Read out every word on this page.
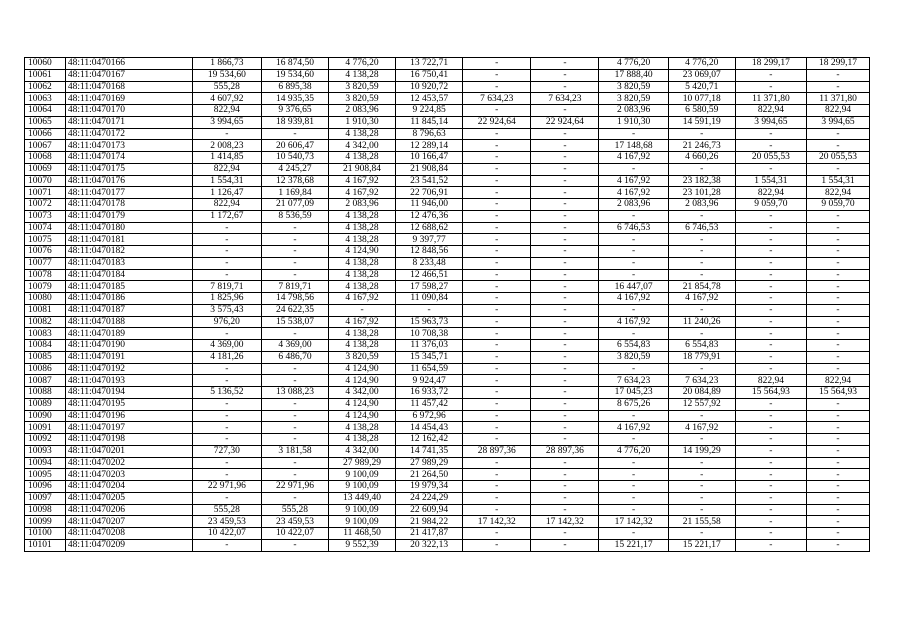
10060	48:11:0470166	1 866,73	16 874,50	4 776,20	13 722,71	-	-	4 776,20	4 776,20	18 299,17	18 299,17
10061	48:11:0470167	19 534,60	19 534,60	4 138,28	16 750,41	-	-	17 888,40	23 069,07	-	-
10062	48:11:0470168	555,28	6 895,38	3 820,59	10 920,72	-	-	3 820,59	5 420,71	-	-
10063	48:11:0470169	4 607,92	14 935,35	3 820,59	12 453,57	7 634,23	7 634,23	3 820,59	10 077,18	11 371,80	11 371,80
10064	48:11:0470170	822,94	9 376,65	2 083,96	9 224,85	-	-	2 083,96	6 580,59	822,94	822,94
10065	48:11:0470171	3 994,65	18 939,81	1 910,30	11 845,14	22 924,64	22 924,64	1 910,30	14 591,19	3 994,65	3 994,65
10066	48:11:0470172	-	-	4 138,28	8 796,63	-	-	-	-	-	-
10067	48:11:0470173	2 008,23	20 606,47	4 342,00	12 289,14	-	-	17 148,68	21 246,73	-	-
10068	48:11:0470174	1 414,85	10 540,73	4 138,28	10 166,47	-	-	4 167,92	4 660,26	20 055,53	20 055,53
10069	48:11:0470175	822,94	4 245,27	21 908,84	21 908,84	-	-	-	-	-	-
10070	48:11:0470176	1 554,31	12 378,68	4 167,92	23 541,52	-	-	4 167,92	23 182,38	1 554,31	1 554,31
10071	48:11:0470177	1 126,47	1 169,84	4 167,92	22 706,91	-	-	4 167,92	23 101,28	822,94	822,94
10072	48:11:0470178	822,94	21 077,09	2 083,96	11 946,00	-	-	2 083,96	2 083,96	9 059,70	9 059,70
10073	48:11:0470179	1 172,67	8 536,59	4 138,28	12 476,36	-	-	-	-	-	-
10074	48:11:0470180	-	-	4 138,28	12 688,62	-	-	6 746,53	6 746,53	-	-
10075	48:11:0470181	-	-	4 138,28	9 397,77	-	-	-	-	-	-
10076	48:11:0470182	-	-	4 124,90	12 848,56	-	-	-	-	-	-
10077	48:11:0470183	-	-	4 138,28	8 233,48	-	-	-	-	-	-
10078	48:11:0470184	-	-	4 138,28	12 466,51	-	-	-	-	-	-
10079	48:11:0470185	7 819,71	7 819,71	4 138,28	17 598,27	-	-	16 447,07	21 854,78	-	-
10080	48:11:0470186	1 825,96	14 798,56	4 167,92	11 090,84	-	-	4 167,92	4 167,92	-	-
10081	48:11:0470187	3 575,43	24 622,35	-	-	-	-	-	-	-	-
10082	48:11:0470188	976,20	15 538,07	4 167,92	15 963,73	-	-	4 167,92	11 240,26	-	-
10083	48:11:0470189	-	-	4 138,28	10 708,38	-	-	-	-	-	-
10084	48:11:0470190	4 369,00	4 369,00	4 138,28	11 376,03	-	-	6 554,83	6 554,83	-	-
10085	48:11:0470191	4 181,26	6 486,70	3 820,59	15 345,71	-	-	3 820,59	18 779,91	-	-
10086	48:11:0470192	-	-	4 124,90	11 654,59	-	-	-	-	-	-
10087	48:11:0470193	-	-	4 124,90	9 924,47	-	-	7 634,23	7 634,23	822,94	822,94
10088	48:11:0470194	5 136,52	13 088,23	4 342,00	16 933,72	-	-	17 045,23	20 084,89	15 564,93	15 564,93
10089	48:11:0470195	-	-	4 124,90	11 457,42	-	-	8 675,26	12 557,92	-	-
10090	48:11:0470196	-	-	4 124,90	6 972,96	-	-	-	-	-	-
10091	48:11:0470197	-	-	4 138,28	14 454,43	-	-	4 167,92	4 167,92	-	-
10092	48:11:0470198	-	-	4 138,28	12 162,42	-	-	-	-	-	-
10093	48:11:0470201	727,30	3 181,58	4 342,00	14 741,35	28 897,36	28 897,36	4 776,20	14 199,29	-	-
10094	48:11:0470202	-	-	27 989,29	27 989,29	-	-	-	-	-	-
10095	48:11:0470203	-	-	9 100,09	21 264,50	-	-	-	-	-	-
10096	48:11:0470204	22 971,96	22 971,96	9 100,09	19 979,34	-	-	-	-	-	-
10097	48:11:0470205	-	-	13 449,40	24 224,29	-	-	-	-	-	-
10098	48:11:0470206	555,28	555,28	9 100,09	22 609,94	-	-	-	-	-	-
10099	48:11:0470207	23 459,53	23 459,53	9 100,09	21 984,22	17 142,32	17 142,32	17 142,32	21 155,58	-	-
10100	48:11:0470208	10 422,07	10 422,07	11 468,50	21 417,87	-	-	-	-	-	-
10101	48:11:0470209	-	-	9 552,39	20 322,13	-	-	15 221,17	15 221,17	-	-
